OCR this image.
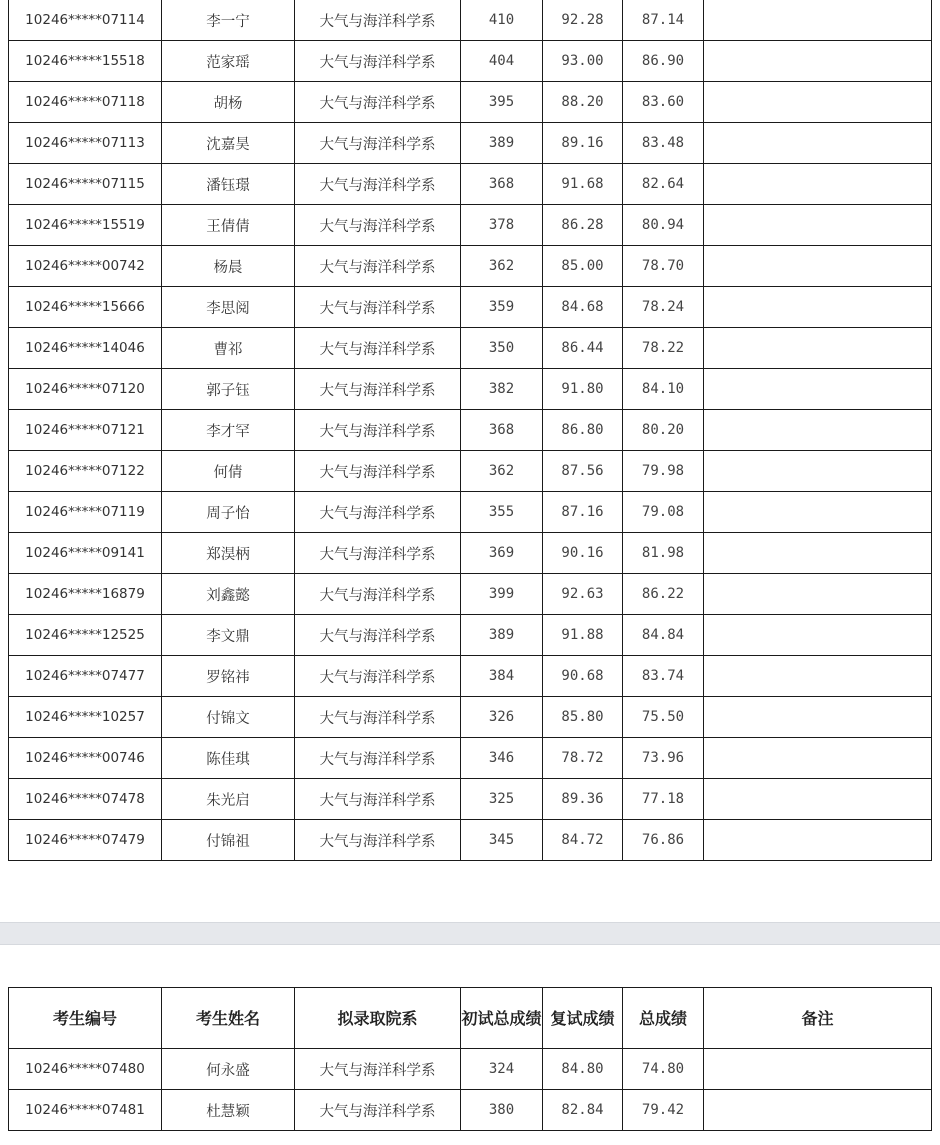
10246*****07114	李一宁	大气与海洋科学系	410	92.28	87.14	
10246*****15518	范家瑶	大气与海洋科学系	404	93.00	86.90	
10246*****07118	胡杨	大气与海洋科学系	395	88.20	83.60	
10246*****07113	沈嘉昊	大气与海洋科学系	389	89.16	83.48	
10246*****07115	潘钰璟	大气与海洋科学系	368	91.68	82.64	
10246*****15519	王倩倩	大气与海洋科学系	378	86.28	80.94	
10246*****00742	杨晨	大气与海洋科学系	362	85.00	78.70	
10246*****15666	李思阅	大气与海洋科学系	359	84.68	78.24	
10246*****14046	曹祁	大气与海洋科学系	350	86.44	78.22	
10246*****07120	郭子钰	大气与海洋科学系	382	91.80	84.10	
10246*****07121	李才罕	大气与海洋科学系	368	86.80	80.20	
10246*****07122	何倩	大气与海洋科学系	362	87.56	79.98	
10246*****07119	周子怡	大气与海洋科学系	355	87.16	79.08	
10246*****09141	郑淏柄	大气与海洋科学系	369	90.16	81.98	
10246*****16879	刘鑫懿	大气与海洋科学系	399	92.63	86.22	
10246*****12525	李文鼎	大气与海洋科学系	389	91.88	84.84	
10246*****07477	罗铭祎	大气与海洋科学系	384	90.68	83.74	
10246*****10257	付锦文	大气与海洋科学系	326	85.80	75.50	
10246*****00746	陈佳琪	大气与海洋科学系	346	78.72	73.96	
10246*****07478	朱光启	大气与海洋科学系	325	89.36	77.18	
10246*****07479	付锦祖	大气与海洋科学系	345	84.72	76.86	
考生编号	考生姓名	拟录取院系	初试总成绩	复试成绩	总成绩	备注
10246*****07480	何永盛	大气与海洋科学系	324	84.80	74.80	
10246*****07481	杜慧颖	大气与海洋科学系	380	82.84	79.42	
